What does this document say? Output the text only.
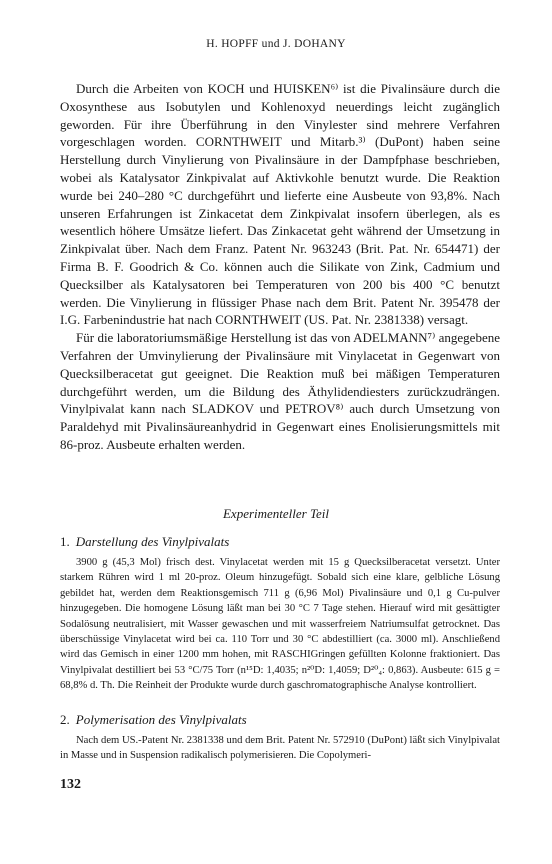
H. HOPFF und J. DOHANY

Durch die Arbeiten von KOCH und HUISKEN⁶⁾ ist die Pivalinsäure durch die Oxosynthese aus Isobutylen und Kohlenoxyd neuerdings leicht zugänglich geworden. Für ihre Überführung in den Vinylester sind mehrere Verfahren vorgeschlagen worden. CORNTHWEIT und Mitarb.³⁾ (DuPont) haben seine Herstellung durch Vinylierung von Pivalinsäure in der Dampfphase beschrieben, wobei als Katalysator Zinkpivalat auf Aktivkohle benutzt wurde. Die Reaktion wurde bei 240–280 °C durchgeführt und lieferte eine Ausbeute von 93,8%. Nach unseren Erfahrungen ist Zinkacetat dem Zinkpivalat insofern überlegen, als es wesentlich höhere Umsätze liefert. Das Zinkacetat geht während der Umsetzung in Zinkpivalat über. Nach dem Franz. Patent Nr. 963243 (Brit. Pat. Nr. 654471) der Firma B. F. Goodrich & Co. können auch die Silikate von Zink, Cadmium und Quecksilber als Katalysatoren bei Temperaturen von 200 bis 400 °C benutzt werden. Die Vinylierung in flüssiger Phase nach dem Brit. Patent Nr. 395478 der I.G. Farbenindustrie hat nach CORNTHWEIT (US. Pat. Nr. 2381338) versagt.

Für die laboratoriumsmäßige Herstellung ist das von ADELMANN⁷⁾ angegebene Verfahren der Umvinylierung der Pivalinsäure mit Vinylacetat in Gegenwart von Quecksilberacetat gut geeignet. Die Reaktion muß bei mäßigen Temperaturen durchgeführt werden, um die Bildung des Äthylidendiesters zurückzudrängen. Vinylpivalat kann nach SLADKOV und PETROV⁸⁾ auch durch Umsetzung von Paraldehyd mit Pivalinsäureanhydrid in Gegenwart eines Enolisierungsmittels mit 86-proz. Ausbeute erhalten werden.

Experimenteller Teil
1. Darstellung des Vinylpivalats

3900 g (45,3 Mol) frisch dest. Vinylacetat werden mit 15 g Quecksilberacetat versetzt. Unter starkem Rühren wird 1 ml 20-proz. Oleum hinzugefügt. Sobald sich eine klare, gelbliche Lösung gebildet hat, werden dem Reaktionsgemisch 711 g (6,96 Mol) Pivalinsäure und 0,1 g Cu-pulver hinzugegeben. Die homogene Lösung läßt man bei 30 °C 7 Tage stehen. Hierauf wird mit gesättigter Sodalösung neutralisiert, mit Wasser gewaschen und mit wasserfreiem Natriumsulfat getrocknet. Das überschüssige Vinylacetat wird bei ca. 110 Torr und 30 °C abdestilliert (ca. 3000 ml). Anschließend wird das Gemisch in einer 1200 mm hohen, mit RASCHIGringen gefüllten Kolonne fraktioniert. Das Vinylpivalat destilliert bei 53 °C/75 Torr (n¹⁵D: 1,4035; n²⁰D: 1,4059; D²⁰₄: 0,863). Ausbeute: 615 g = 68,8% d. Th. Die Reinheit der Produkte wurde durch gaschromatographische Analyse kontrolliert.

2. Polymerisation des Vinylpivalats

Nach dem US.-Patent Nr. 2381338 und dem Brit. Patent Nr. 572910 (DuPont) läßt sich Vinylpivalat in Masse und in Suspension radikalisch polymerisieren. Die Copolymeri-

132
